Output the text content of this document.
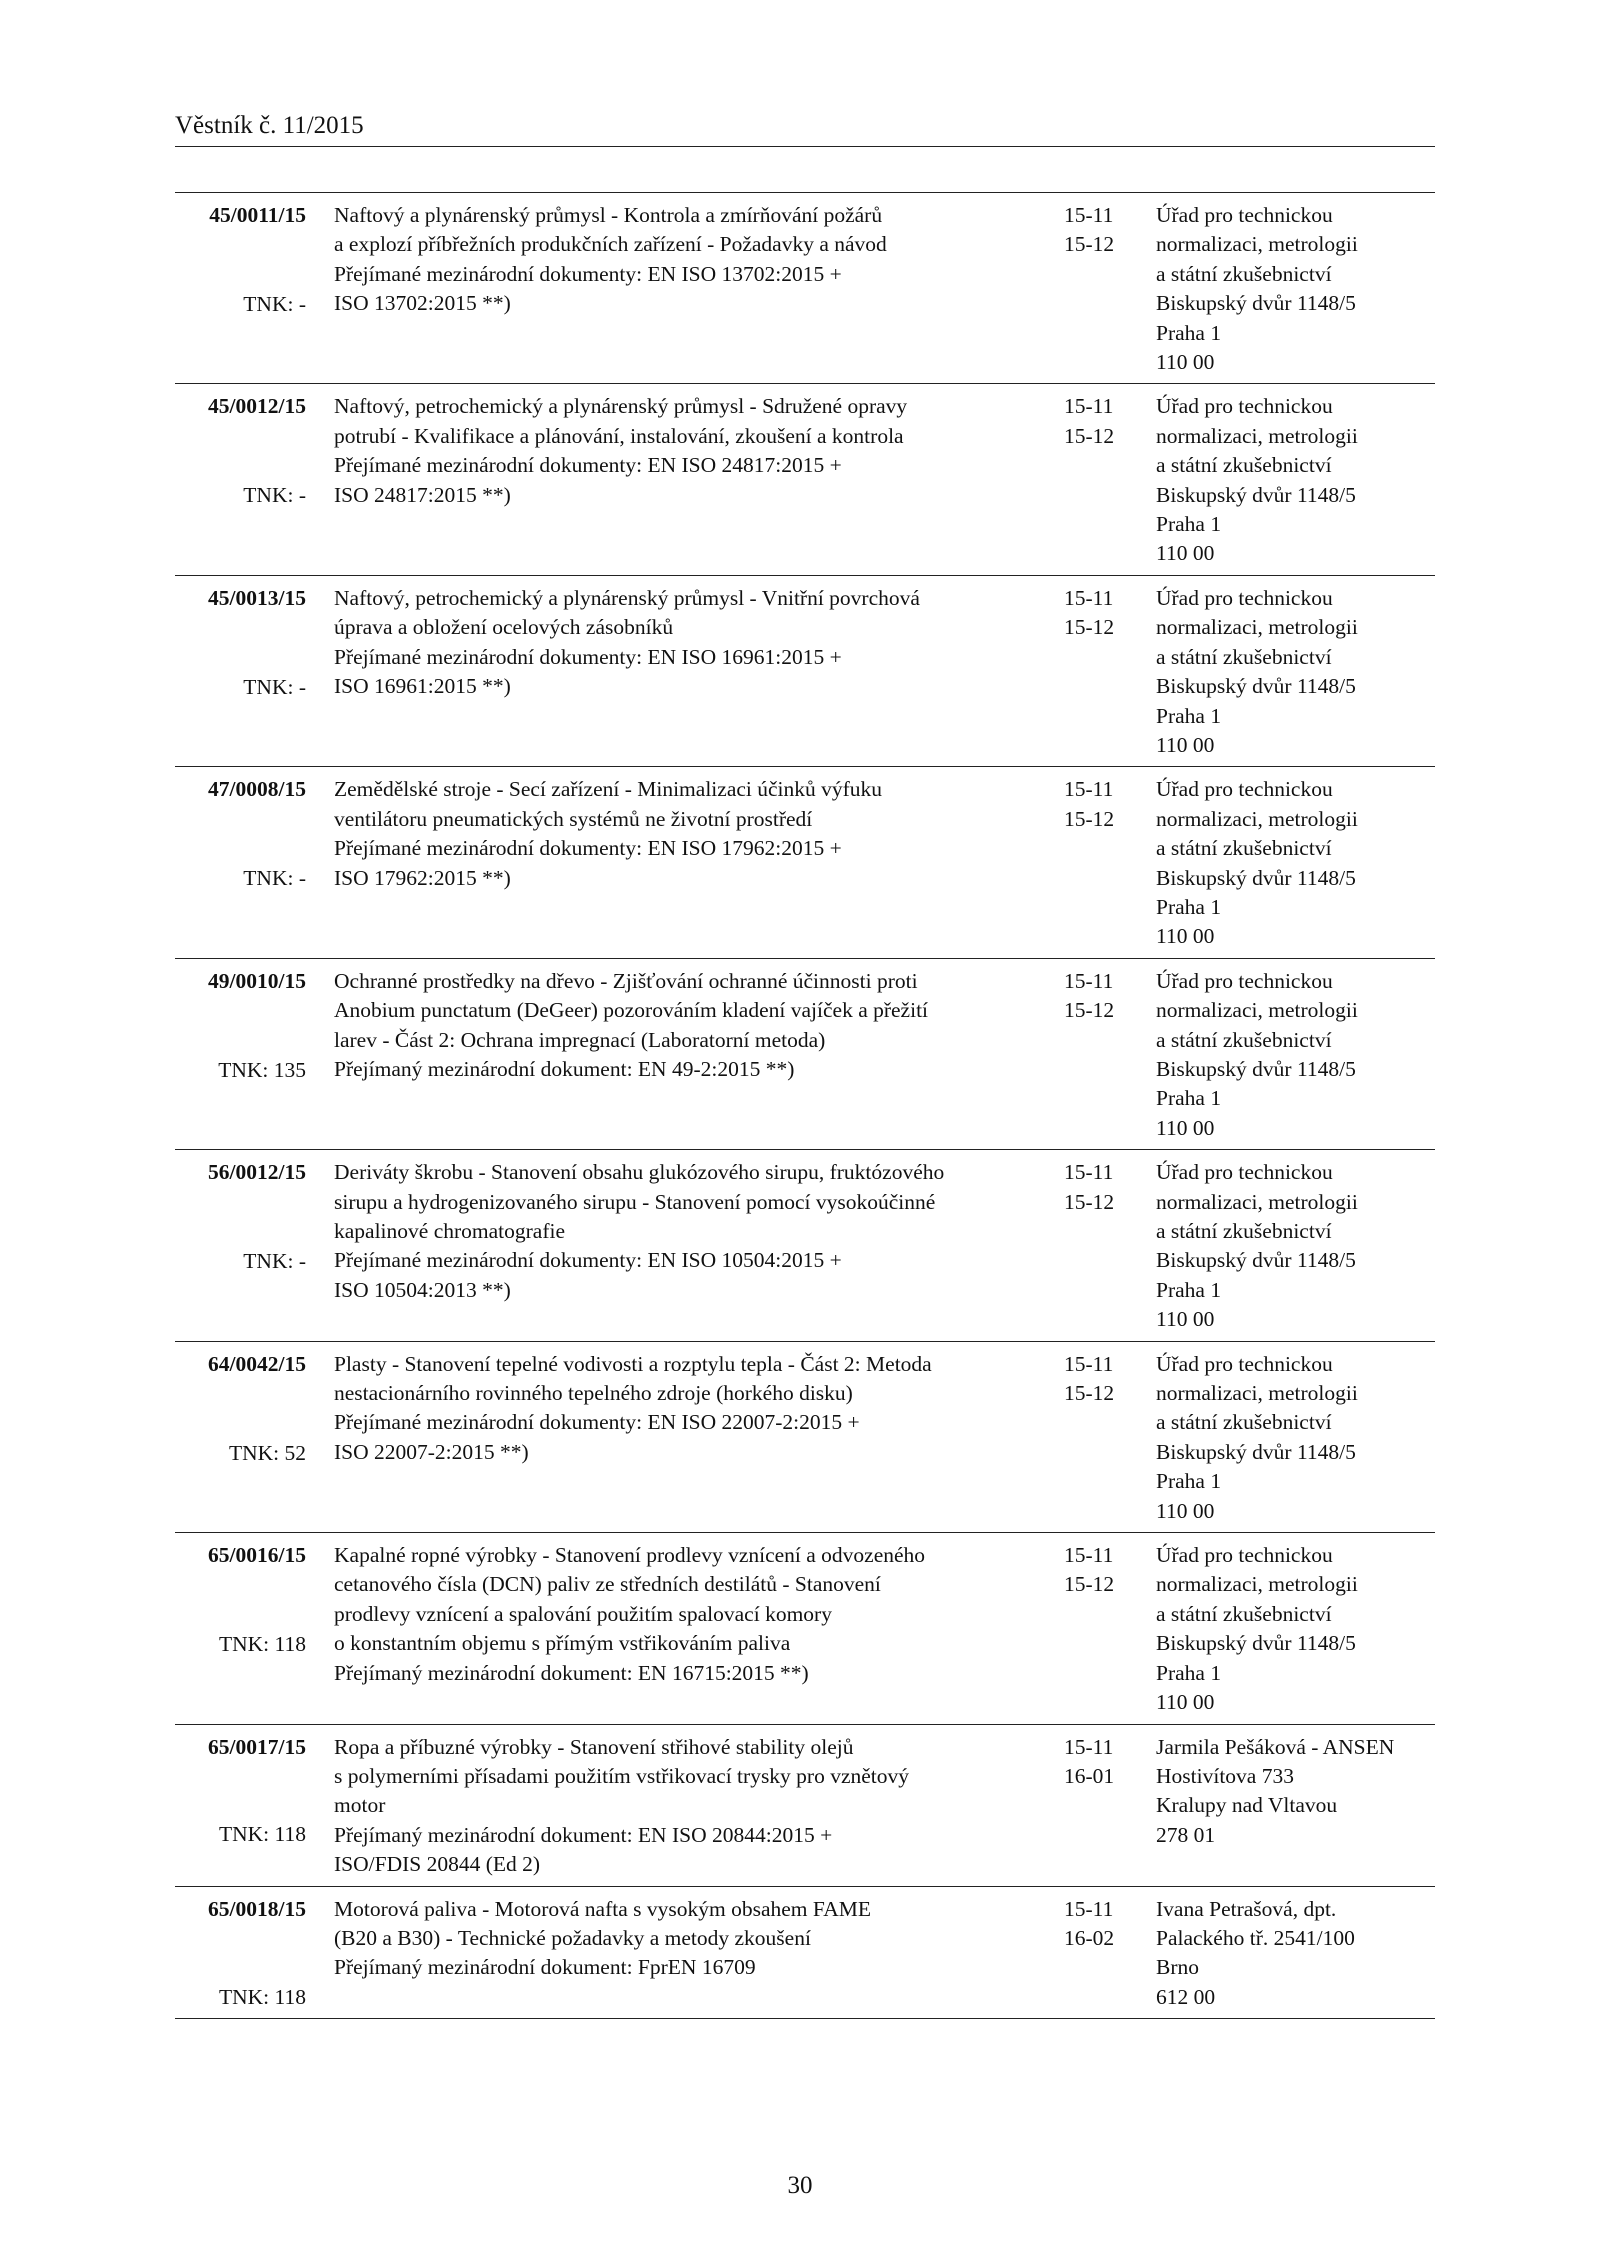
Věstník č. 11/2015
45/0011/15
TNK: -
Naftový a plynárenský průmysl - Kontrola a zmírňování požárů
a explozí příbřežních produkčních zařízení - Požadavky a návod
Přejímané mezinárodní dokumenty: EN ISO 13702:2015 +
ISO 13702:2015 **)
15-11
15-12
Úřad pro technickou
normalizaci, metrologii
a státní zkušebnictví
Biskupský dvůr 1148/5
Praha 1
110 00
45/0012/15
TNK: -
Naftový, petrochemický a plynárenský průmysl - Sdružené opravy
potrubí - Kvalifikace a plánování, instalování, zkoušení a kontrola
Přejímané mezinárodní dokumenty: EN ISO 24817:2015 +
ISO 24817:2015 **)
15-11
15-12
Úřad pro technickou
normalizaci, metrologii
a státní zkušebnictví
Biskupský dvůr 1148/5
Praha 1
110 00
45/0013/15
TNK: -
Naftový, petrochemický a plynárenský průmysl - Vnitřní povrchová
úprava a obložení ocelových zásobníků
Přejímané mezinárodní dokumenty: EN ISO 16961:2015 +
ISO 16961:2015 **)
15-11
15-12
Úřad pro technickou
normalizaci, metrologii
a státní zkušebnictví
Biskupský dvůr 1148/5
Praha 1
110 00
47/0008/15
TNK: -
Zemědělské stroje - Secí zařízení - Minimalizaci účinků výfuku
ventilátoru pneumatických systémů ne životní prostředí
Přejímané mezinárodní dokumenty: EN ISO 17962:2015 +
ISO 17962:2015 **)
15-11
15-12
Úřad pro technickou
normalizaci, metrologii
a státní zkušebnictví
Biskupský dvůr 1148/5
Praha 1
110 00
49/0010/15
TNK: 135
Ochranné prostředky na dřevo - Zjišťování ochranné účinnosti proti
Anobium punctatum (DeGeer) pozorováním kladení vajíček a přežití
larev - Část 2: Ochrana impregnací (Laboratorní metoda)
Přejímaný mezinárodní dokument: EN 49-2:2015 **)
15-11
15-12
Úřad pro technickou
normalizaci, metrologii
a státní zkušebnictví
Biskupský dvůr 1148/5
Praha 1
110 00
56/0012/15
TNK: -
Deriváty škrobu - Stanovení obsahu glukózového sirupu, fruktózového
sirupu a hydrogenizovaného sirupu - Stanovení pomocí vysokoúčinné
kapalinové chromatografie
Přejímané mezinárodní dokumenty: EN ISO 10504:2015 +
ISO 10504:2013 **)
15-11
15-12
Úřad pro technickou
normalizaci, metrologii
a státní zkušebnictví
Biskupský dvůr 1148/5
Praha 1
110 00
64/0042/15
TNK: 52
Plasty - Stanovení tepelné vodivosti a rozptylu tepla - Část 2: Metoda
nestacionárního rovinného tepelného zdroje (horkého disku)
Přejímané mezinárodní dokumenty: EN ISO 22007-2:2015 +
ISO 22007-2:2015 **)
15-11
15-12
Úřad pro technickou
normalizaci, metrologii
a státní zkušebnictví
Biskupský dvůr 1148/5
Praha 1
110 00
65/0016/15
TNK: 118
Kapalné ropné výrobky - Stanovení prodlevy vznícení a odvozeného
cetanového čísla (DCN) paliv ze středních destilátů - Stanovení
prodlevy vznícení a spalování použitím spalovací komory
o konstantním objemu s přímým vstřikováním paliva
Přejímaný mezinárodní dokument: EN 16715:2015 **)
15-11
15-12
Úřad pro technickou
normalizaci, metrologii
a státní zkušebnictví
Biskupský dvůr 1148/5
Praha 1
110 00
65/0017/15
TNK: 118
Ropa a příbuzné výrobky - Stanovení střihové stability olejů
s polymerními přísadami použitím vstřikovací trysky pro vznětový
motor
Přejímaný mezinárodní dokument: EN ISO 20844:2015 +
ISO/FDIS 20844 (Ed 2)
15-11
16-01
Jarmila Pešáková - ANSEN
Hostivítova 733
Kralupy nad Vltavou
278 01
65/0018/15
TNK: 118
Motorová paliva - Motorová nafta s vysokým obsahem FAME
(B20 a B30) - Technické požadavky a metody zkoušení
Přejímaný mezinárodní dokument: FprEN 16709
15-11
16-02
Ivana Petrašová, dpt.
Palackého tř. 2541/100
Brno
612 00
30
